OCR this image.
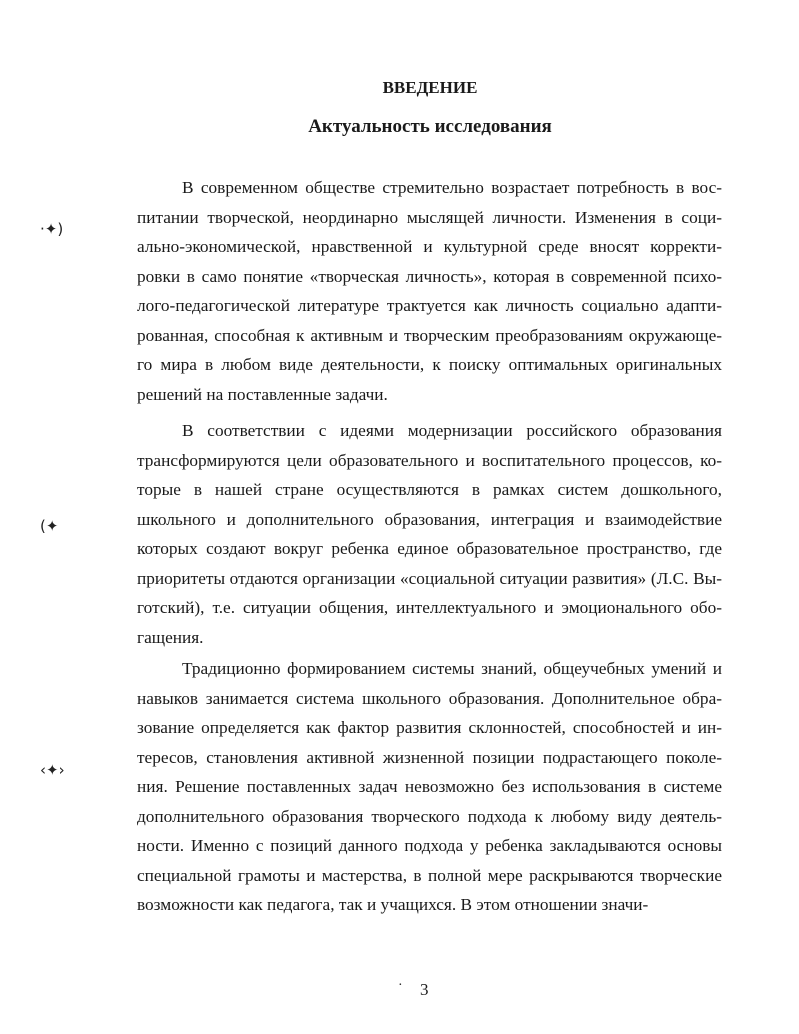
ВВЕДЕНИЕ
Актуальность исследования
В современном обществе стремительно возрастает потребность в вос-
питании творческой, неординарно мыслящей личности. Изменения в соци-
ально-экономической, нравственной и культурной среде вносят корректи-
ровки в само понятие «творческая личность», которая в современной психо-
лого-педагогической литературе трактуется как личность социально адапти-
рованная, способная к активным и творческим преобразованиям окружающе-
го мира в любом виде деятельности, к поиску оптимальных оригинальных
решений на поставленные задачи.
В соответствии с идеями модернизации российского образования
трансформируются цели образовательного и воспитательного процессов, ко-
торые в нашей стране осуществляются в рамках систем дошкольного,
школьного и дополнительного образования, интеграция и взаимодействие
которых создают вокруг ребенка единое образовательное пространство, где
приоритеты отдаются организации «социальной ситуации развития» (Л.С. Вы-
готский), т.е. ситуации общения, интеллектуального и эмоционального обо-
гащения.
Традиционно формированием системы знаний, общеучебных умений и
навыков занимается система школьного образования. Дополнительное обра-
зование определяется как фактор развития склонностей, способностей и ин-
тересов, становления активной жизненной позиции подрастающего поколе-
ния. Решение поставленных задач невозможно без использования в системе
дополнительного образования творческого подхода к любому виду деятель-
ности. Именно с позиций данного подхода у ребенка закладываются основы
специальной грамоты и мастерства, в полной мере раскрываются творческие
возможности как педагога, так и учащихся. В этом отношении значи-
·✦)
(✦
‹✦›
· 3
